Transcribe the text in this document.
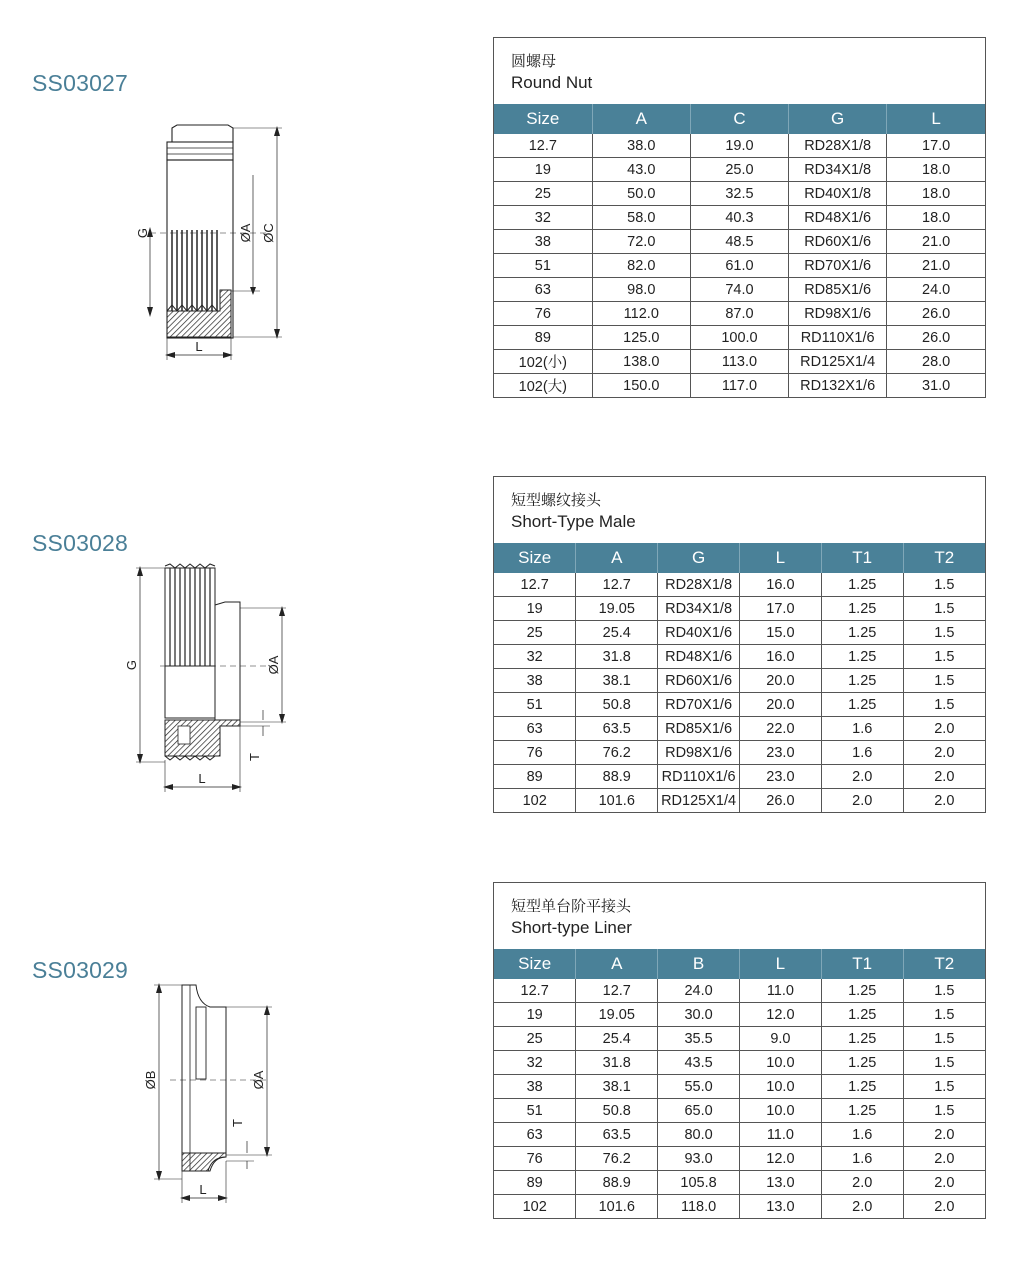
SS03027
G	ØA ØC
L
圆螺母
Round Nut
Size	A	C	G	L
12.7	38.0	19.0	RD28X1/8	17.0
19	43.0	25.0	RD34X1/8	18.0
25	50.0	32.5	RD40X1/8	18.0
32	58.0	40.3	RD48X1/6	18.0
38	72.0	48.5	RD60X1/6	21.0
51	82.0	61.0	RD70X1/6	21.0
63	98.0	74.0	RD85X1/6	24.0
76	112.0	87.0	RD98X1/6	26.0
89	125.0	100.0	RD110X1/6	26.0
102(小)	138.0	113.0	RD125X1/4	28.0
102(大)	150.0	117.0	RD132X1/6	31.0
SS03028
G	ØA
T
L
短型螺纹接头
Short-Type Male
Size	A	G	L	T1	T2
12.7	12.7	RD28X1/8	16.0	1.25	1.5
19	19.05	RD34X1/8	17.0	1.25	1.5
25	25.4	RD40X1/6	15.0	1.25	1.5
32	31.8	RD48X1/6	16.0	1.25	1.5
38	38.1	RD60X1/6	20.0	1.25	1.5
51	50.8	RD70X1/6	20.0	1.25	1.5
63	63.5	RD85X1/6	22.0	1.6	2.0
76	76.2	RD98X1/6	23.0	1.6	2.0
89	88.9	RD110X1/6	23.0	2.0	2.0
102	101.6	RD125X1/4	26.0	2.0	2.0
SS03029
ØB	ØA
T
L
短型单台阶平接头
Short-type Liner
Size	A	B	L	T1	T2
12.7	12.7	24.0	11.0	1.25	1.5
19	19.05	30.0	12.0	1.25	1.5
25	25.4	35.5	9.0	1.25	1.5
32	31.8	43.5	10.0	1.25	1.5
38	38.1	55.0	10.0	1.25	1.5
51	50.8	65.0	10.0	1.25	1.5
63	63.5	80.0	11.0	1.6	2.0
76	76.2	93.0	12.0	1.6	2.0
89	88.9	105.8	13.0	2.0	2.0
102	101.6	118.0	13.0	2.0	2.0
